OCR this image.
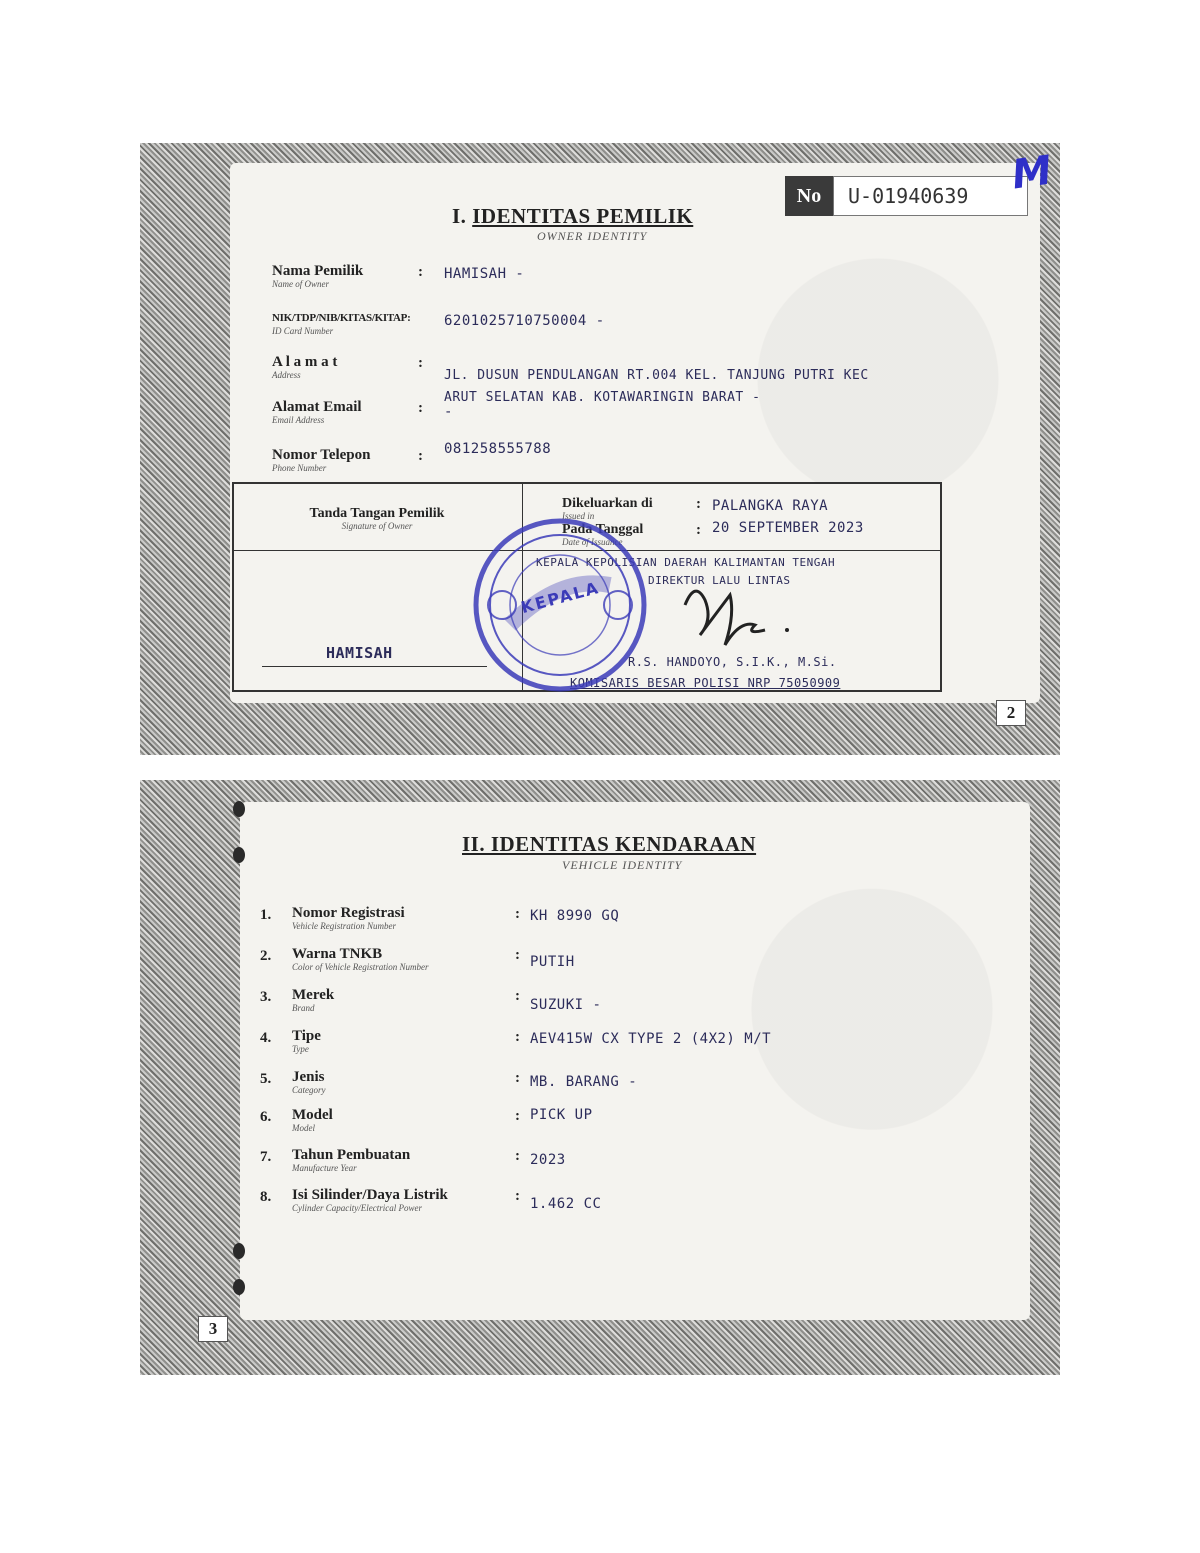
I. IDENTITAS PEMILIK
OWNER IDENTITY
No	U-01940639	M
Nama Pemilik
Name of Owner
: HAMISAH -
NIK/TDP/NIB/KITAS/KITAP:
ID Card Number
6201025710750004 -
A l a m a t
Address
:
JL. DUSUN PENDULANGAN RT.004 KEL. TANJUNG PUTRI KEC
ARUT SELATAN KAB. KOTAWARINGIN BARAT -
Alamat Email
Email Address
: -
Nomor Telepon
Phone Number
: 081258555788
Tanda Tangan Pemilik
Signature of Owner
HAMISAH
Dikeluarkan di
Issued in
: PALANGKA RAYA
Pada Tanggal
Date of Issuance
: 20 SEPTEMBER 2023
KEPALA KEPOLISIAN DAERAH KALIMANTAN TENGAH
DIREKTUR LALU LINTAS
R.S. HANDOYO, S.I.K., M.Si.
KOMISARIS BESAR POLISI NRP 75050909
KEPALA
2
II. IDENTITAS KENDARAAN
VEHICLE IDENTITY
1. Nomor Registrasi
Vehicle Registration Number
: KH 8990 GQ
2. Warna TNKB
Color of Vehicle Registration Number
: PUTIH
3. Merek
Brand
:
SUZUKI -
4. Tipe
Type
: AEV415W CX TYPE 2 (4X2) M/T
5. Jenis
Category
: MB. BARANG -
6. Model
Model
: PICK UP
7. Tahun Pembuatan
Manufacture Year
: 2023
8. Isi Silinder/Daya Listrik
Cylinder Capacity/Electrical Power
: 1.462 CC
3
